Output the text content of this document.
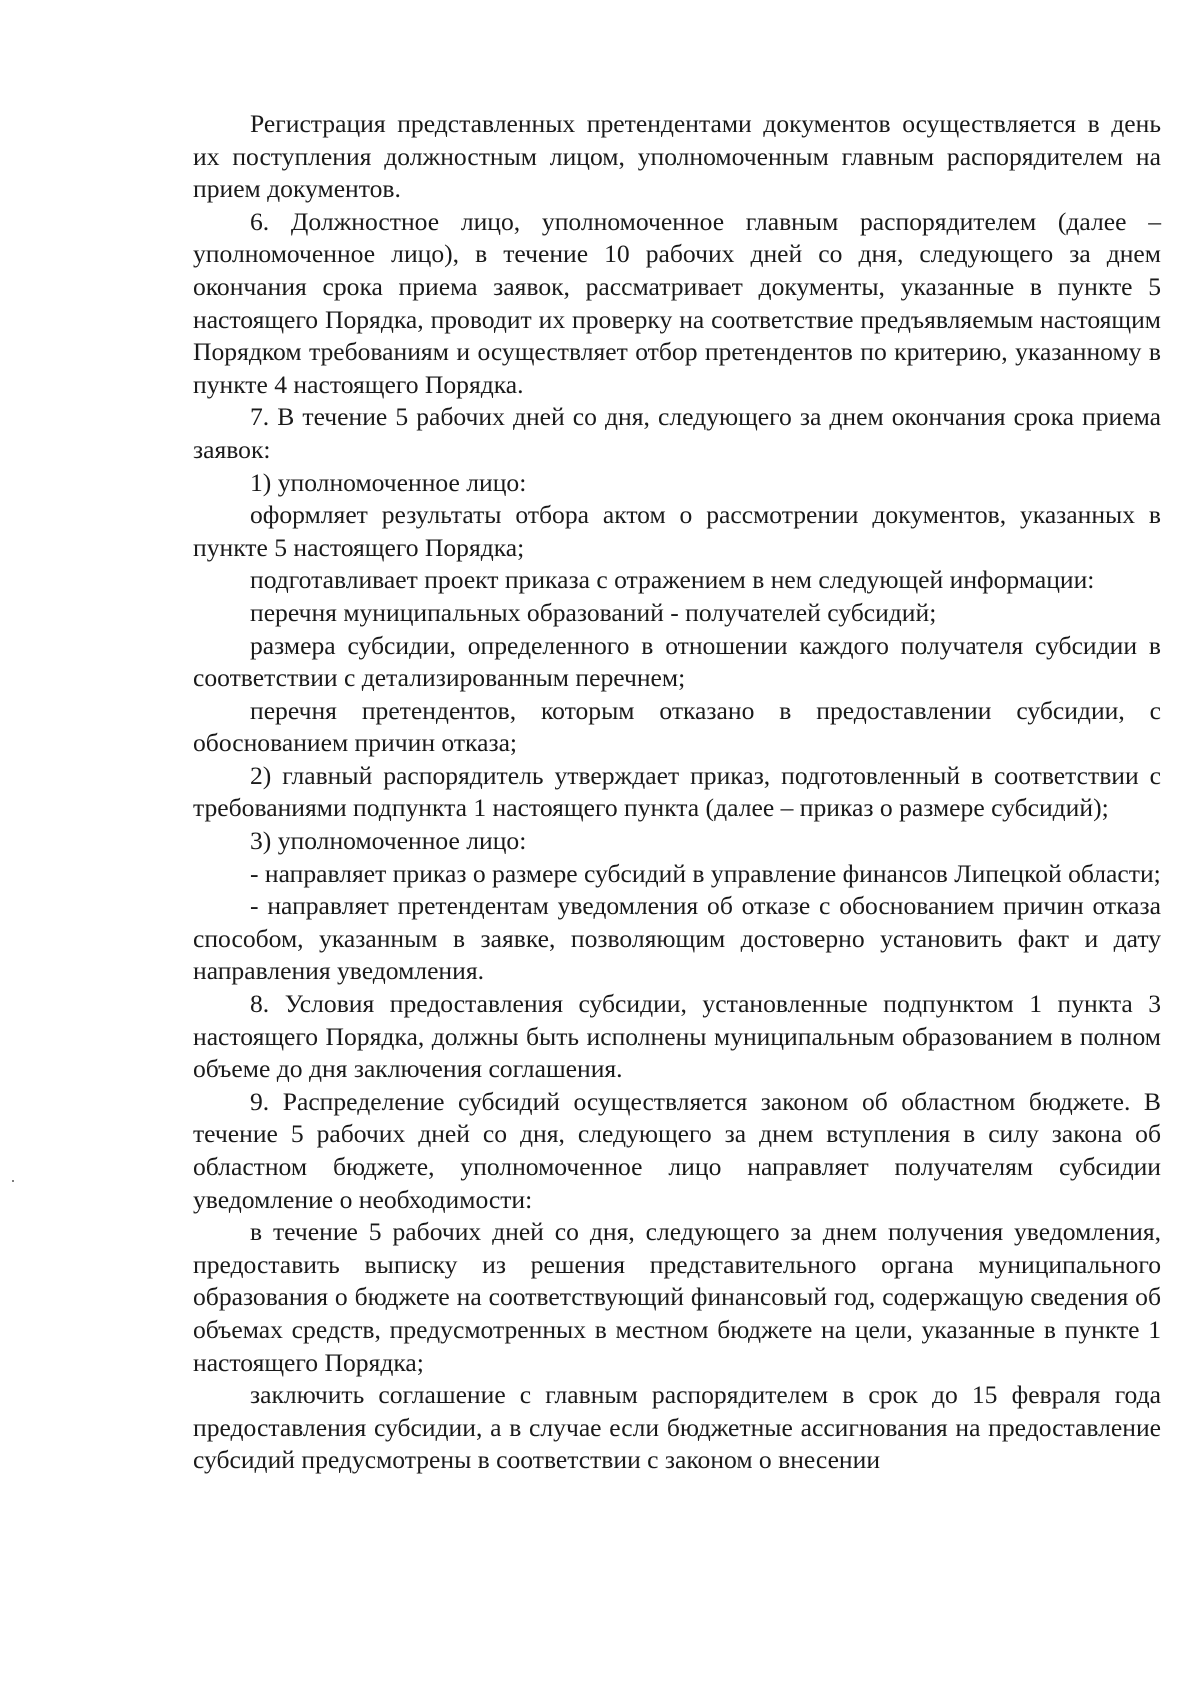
Регистрация представленных претендентами документов осуществляется в день их поступления должностным лицом, уполномоченным главным распорядителем на прием документов.

6. Должностное лицо, уполномоченное главным распорядителем (далее – уполномоченное лицо), в течение 10 рабочих дней со дня, следующего за днем окончания срока приема заявок, рассматривает документы, указанные в пункте 5 настоящего Порядка, проводит их проверку на соответствие предъявляемым настоящим Порядком требованиям и осуществляет отбор претендентов по критерию, указанному в пункте 4 настоящего Порядка.

7. В течение 5 рабочих дней со дня, следующего за днем окончания срока приема заявок:

1) уполномоченное лицо:

оформляет результаты отбора актом о рассмотрении документов, указанных в пункте 5 настоящего Порядка;

подготавливает проект приказа с отражением в нем следующей информации:

перечня муниципальных образований - получателей субсидий;

размера субсидии, определенного в отношении каждого получателя субсидии в соответствии с детализированным перечнем;

перечня претендентов, которым отказано в предоставлении субсидии, с обоснованием причин отказа;

2) главный распорядитель утверждает приказ, подготовленный в соответствии с требованиями подпункта 1 настоящего пункта (далее – приказ о размере субсидий);

3) уполномоченное лицо:

- направляет приказ о размере субсидий в управление финансов Липецкой области;

- направляет претендентам уведомления об отказе с обоснованием причин отказа способом, указанным в заявке, позволяющим достоверно установить факт и дату направления уведомления.

8. Условия предоставления субсидии, установленные подпунктом 1 пункта 3 настоящего Порядка, должны быть исполнены муниципальным образованием в полном объеме до дня заключения соглашения.

9. Распределение субсидий осуществляется законом об областном бюджете. В течение 5 рабочих дней со дня, следующего за днем вступления в силу закона об областном бюджете, уполномоченное лицо направляет получателям субсидии уведомление о необходимости:

в течение 5 рабочих дней со дня, следующего за днем получения уведомления, предоставить выписку из решения представительного органа муниципального образования о бюджете на соответствующий финансовый год, содержащую сведения об объемах средств, предусмотренных в местном бюджете на цели, указанные в пункте 1 настоящего Порядка;

заключить соглашение с главным распорядителем в срок до 15 февраля года предоставления субсидии, а в случае если бюджетные ассигнования на предоставление субсидий предусмотрены в соответствии с законом о внесении
